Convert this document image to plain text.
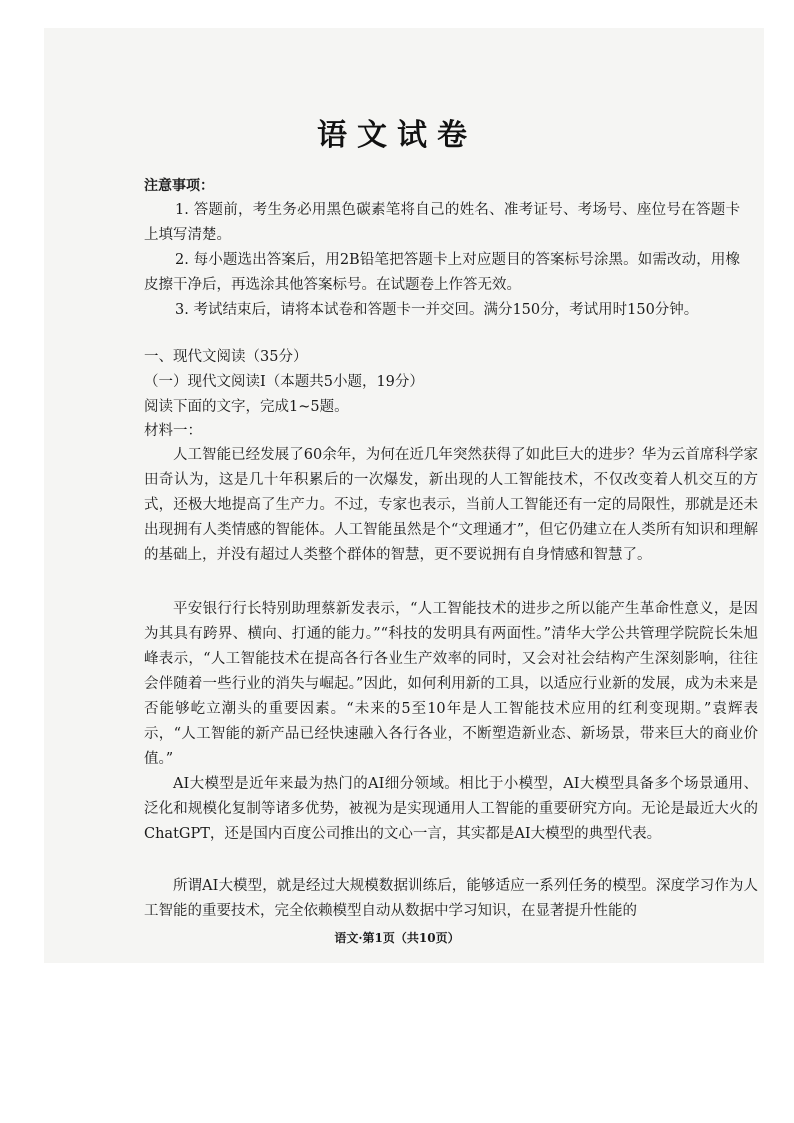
语文试卷
注意事项：

1. 答题前，考生务必用黑色碳素笔将自己的姓名、准考证号、考场号、座位号在答题卡上填写清楚。

2. 每小题选出答案后，用2B铅笔把答题卡上对应题目的答案标号涂黑。如需改动，用橡皮擦干净后，再选涂其他答案标号。在试题卷上作答无效。

3. 考试结束后，请将本试卷和答题卡一并交回。满分150分，考试用时150分钟。

一、现代文阅读（35分）
（一）现代文阅读Ⅰ（本题共5小题，19分）
阅读下面的文字，完成1~5题。
材料一：

人工智能已经发展了60余年，为何在近几年突然获得了如此巨大的进步？华为云首席科学家田奇认为，这是几十年积累后的一次爆发，新出现的人工智能技术，不仅改变着人机交互的方式，还极大地提高了生产力。不过，专家也表示，当前人工智能还有一定的局限性，那就是还未出现拥有人类情感的智能体。人工智能虽然是个“文理通才”，但它仍建立在人类所有知识和理解的基础上，并没有超过人类整个群体的智慧，更不要说拥有自身情感和智慧了。

平安银行行长特别助理蔡新发表示，“人工智能技术的进步之所以能产生革命性意义，是因为其具有跨界、横向、打通的能力。”“科技的发明具有两面性。”清华大学公共管理学院院长朱旭峰表示，“人工智能技术在提高各行各业生产效率的同时，又会对社会结构产生深刻影响，往往会伴随着一些行业的消失与崛起。”因此，如何利用新的工具，以适应行业新的发展，成为未来是否能够屹立潮头的重要因素。“未来的5至10年是人工智能技术应用的红利变现期。”袁辉表示，“人工智能的新产品已经快速融入各行各业，不断塑造新业态、新场景，带来巨大的商业价值。”

AI大模型是近年来最为热门的AI细分领域。相比于小模型，AI大模型具备多个场景通用、泛化和规模化复制等诸多优势，被视为是实现通用人工智能的重要研究方向。无论是最近大火的ChatGPT，还是国内百度公司推出的文心一言，其实都是AI大模型的典型代表。

所谓AI大模型，就是经过大规模数据训练后，能够适应一系列任务的模型。深度学习作为人工智能的重要技术，完全依赖模型自动从数据中学习知识，在显著提升性能的

语文·第1页（共10页）
